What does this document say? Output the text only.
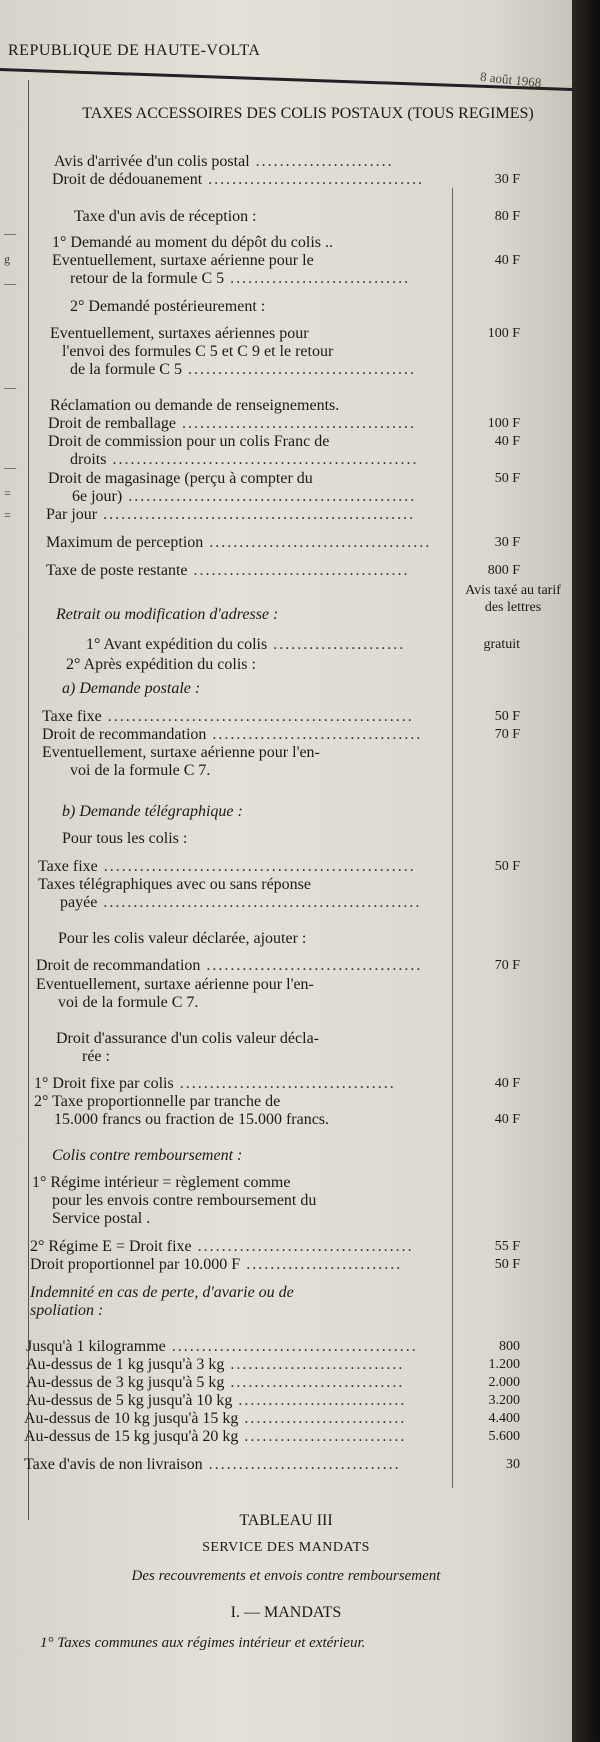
REPUBLIQUE DE HAUTE-VOLTA
8 août 1968
—
g
—
—
—
=
=
TAXES ACCESSOIRES DES COLIS POSTAUX (TOUS REGIMES)
Avis d'arrivée d'un colis postal .......................
Droit de dédouanement ....................................	30 F
Taxe d'un avis de réception :	80 F
1° Demandé au moment du dépôt du colis ..
Eventuellement, surtaxe aérienne pour le	40 F
retour de la formule C 5 ..............................
2° Demandé postérieurement :
Eventuellement, surtaxes aériennes pour	100 F
l'envoi des formules C 5 et C 9 et le retour
de la formule C 5 ......................................
Réclamation ou demande de renseignements.
Droit de remballage .......................................	100 F
Droit de commission pour un colis Franc de	40 F
droits ...................................................
Droit de magasinage (perçu à compter du	50 F
6e jour) ................................................
Par jour ....................................................
Maximum de perception .....................................	30 F
Taxe de poste restante ....................................	800 F
Retrait ou modification d'adresse :
1° Avant expédition du colis ......................	gratuit
2° Après expédition du colis :
a) Demande postale :
Taxe fixe ...................................................	50 F
Droit de recommandation ...................................	70 F
Eventuellement, surtaxe aérienne pour l'en-
voi de la formule C 7.
b) Demande télégraphique :
Pour tous les colis :
Taxe fixe ....................................................	50 F
Taxes télégraphiques avec ou sans réponse
payée .....................................................
Pour les colis valeur déclarée, ajouter :
Droit de recommandation ....................................	70 F
Eventuellement, surtaxe aérienne pour l'en-
voi de la formule C 7.
Droit d'assurance d'un colis valeur décla-
rée :
1° Droit fixe par colis ....................................	40 F
2° Taxe proportionnelle par tranche de
15.000 francs ou fraction de 15.000 francs.	40 F
Colis contre remboursement :
1° Régime intérieur = règlement comme
pour les envois contre remboursement du
Service postal .
2° Régime E = Droit fixe ....................................	55 F
Droit proportionnel par 10.000 F ..........................	50 F
Indemnité en cas de perte, d'avarie ou de
spoliation :
Jusqu'à 1 kilogramme .........................................	800
Au-dessus de 1 kg jusqu'à 3 kg .............................	1.200
Au-dessus de 3 kg jusqu'à 5 kg .............................	2.000
Au-dessus de 5 kg jusqu'à 10 kg ............................	3.200
Au-dessus de 10 kg jusqu'à 15 kg ...........................	4.400
Au-dessus de 15 kg jusqu'à 20 kg ...........................	5.600
Taxe d'avis de non livraison ................................	30
Avis taxé au tarif des lettres
TABLEAU III
SERVICE DES MANDATS
Des recouvrements et envois contre remboursement
I. — MANDATS
1° Taxes communes aux régimes intérieur et extérieur.
